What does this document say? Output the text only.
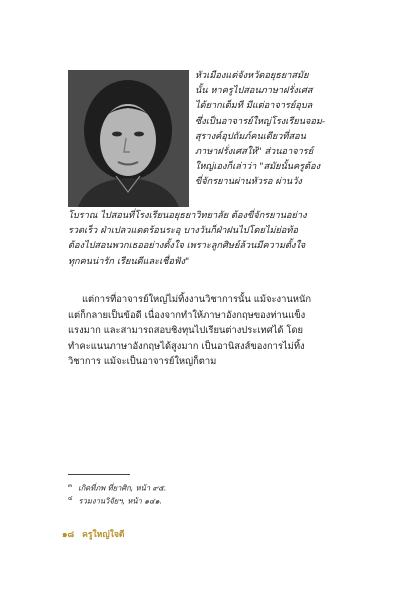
หัวเมืองแต่จังหวัดอยุธยาสมัย
นั้น หาครูไปสอนภาษาฝรั่งเศส
ได้ยากเต็มที มีแต่อาจารย์อุบล
ซึ่งเป็นอาจารย์ใหญ่โรงเรียนจอม-
สุรางค์อุปถัมภ์คนเดียวที่สอน
ภาษาฝรั่งเศสให้" ส่วนอาจารย์
ใหญ่เองก็เล่าว่า "สมัยนั้นครูต้อง
ขี่จักรยานผ่านหัวรอ ผ่านวัง
โบราณ ไปสอนที่โรงเรียนอยุธยาวิทยาลัย ต้องขี่จักรยานอย่าง
รวดเร็ว ฝ่าเปลวแดดร้อนระอุ บางวันก็ฝ่าฝนไปโดยไม่ย่อท้อ
ต้องไปสอนพวกเธออย่างตั้งใจ เพราะลูกศิษย์ล้วนมีความตั้งใจ
ทุกคนน่ารัก เรียนดีและเชื่อฟัง"
แต่การที่อาจารย์ใหญ่ไม่ทิ้งงานวิชาการนั้น แม้จะงานหนัก
แต่ก็กลายเป็นข้อดี เนื่องจากทำให้ภาษาอังกฤษของท่านแข็ง
แรงมาก และสามารถสอบชิงทุนไปเรียนต่างประเทศได้ โดย
ทำคะแนนภาษาอังกฤษได้สูงมาก เป็นอานิสงส์ของการไม่ทิ้ง
วิชาการ แม้จะเป็นอาจารย์ใหญ่ก็ตาม
$^๓$ เกิดที่ภพ ที่ยาศิก, หน้า ๙๕.
$^๔$ รวมงานวิจัยฯ, หน้า ๑๔๑.
๑๘ ครูใหญ่ใจดี
